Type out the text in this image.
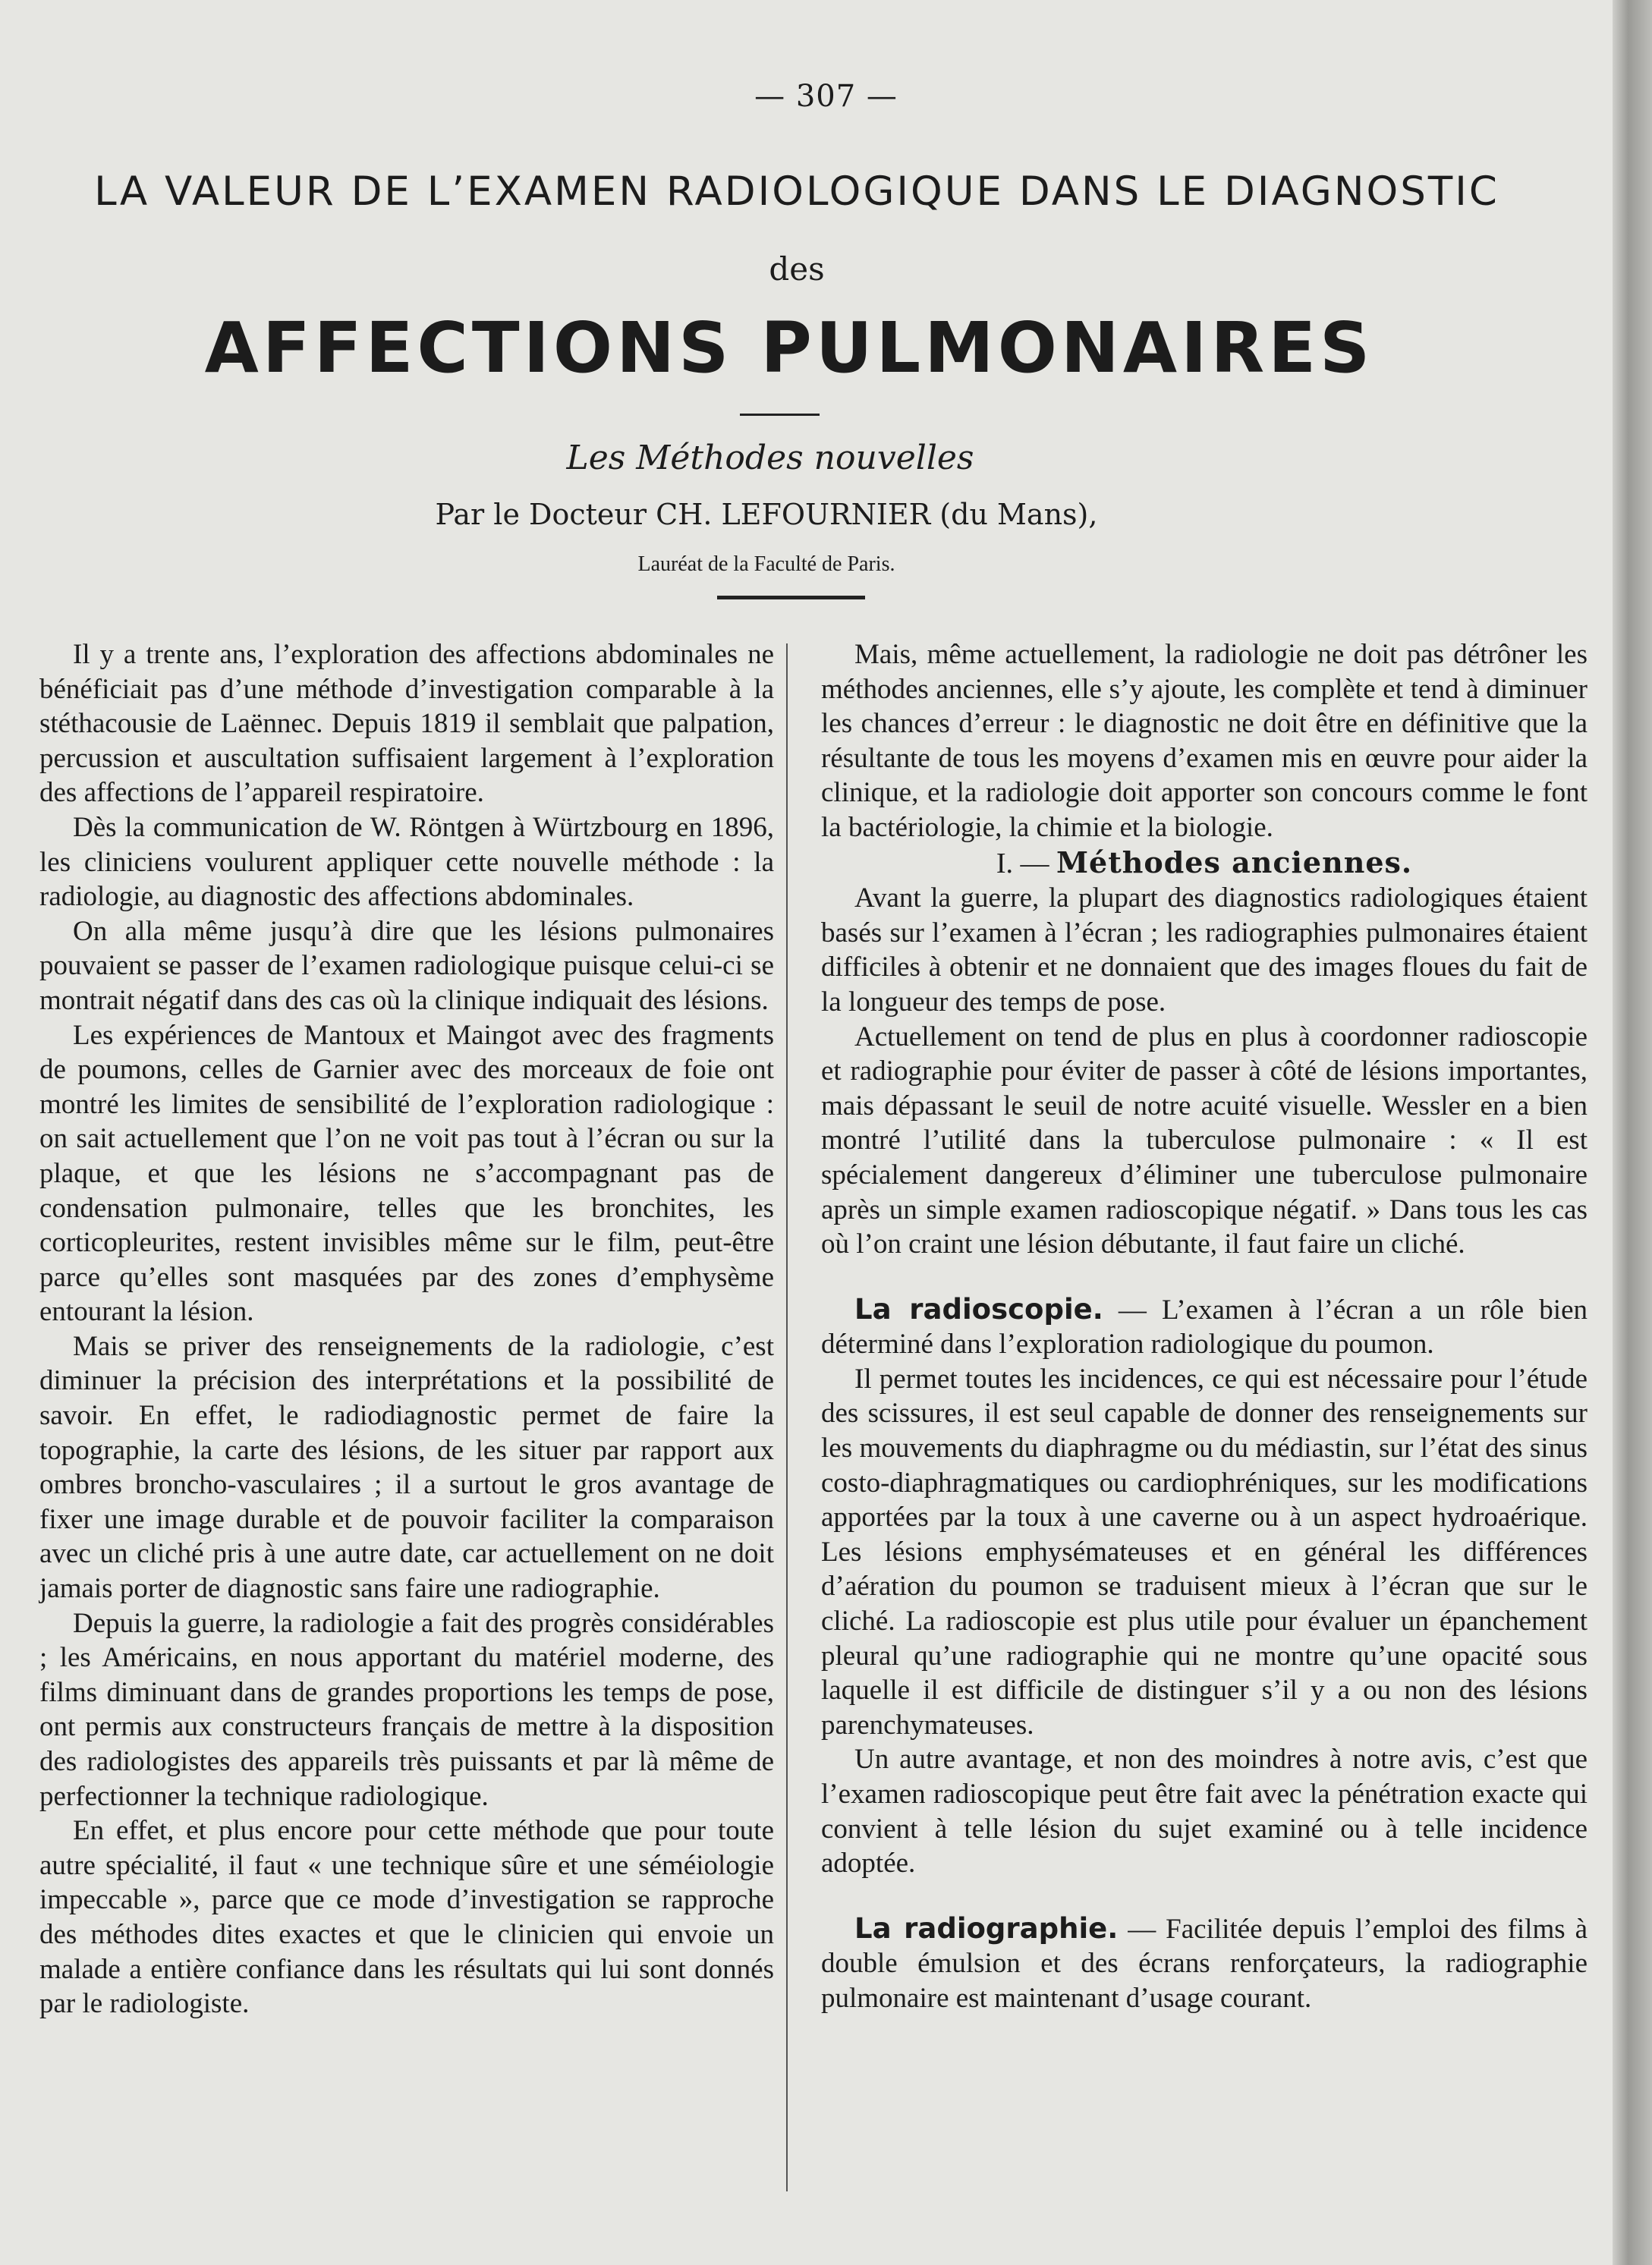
— 307 —
LA VALEUR DE L’EXAMEN RADIOLOGIQUE DANS LE DIAGNOSTIC
des
AFFECTIONS PULMONAIRES
Les Méthodes nouvelles
Par le Docteur CH. LEFOURNIER (du Mans),
Lauréat de la Faculté de Paris.

Il y a trente ans, l’exploration des affections abdominales ne bénéficiait pas d’une méthode d’investigation comparable à la stéthacousie de Laënnec. Depuis 1819 il semblait que palpation, percussion et auscultation suffisaient largement à l’exploration des affections de l’appareil respiratoire.

Dès la communication de W. Röntgen à Würtzbourg en 1896, les cliniciens voulurent appliquer cette nouvelle méthode : la radiologie, au diagnostic des affections abdominales.

On alla même jusqu’à dire que les lésions pulmonaires pouvaient se passer de l’examen radiologique puisque celui-ci se montrait négatif dans des cas où la clinique indiquait des lésions.

Les expériences de Mantoux et Maingot avec des fragments de poumons, celles de Garnier avec des morceaux de foie ont montré les limites de sensibilité de l’exploration radiologique : on sait actuellement que l’on ne voit pas tout à l’écran ou sur la plaque, et que les lésions ne s’accompagnant pas de condensation pulmonaire, telles que les bronchites, les corticopleurites, restent invisibles même sur le film, peut-être parce qu’elles sont masquées par des zones d’emphysème entourant la lésion.

Mais se priver des renseignements de la radiologie, c’est diminuer la précision des interprétations et la possibilité de savoir. En effet, le radiodiagnostic permet de faire la topographie, la carte des lésions, de les situer par rapport aux ombres broncho-vasculaires ; il a surtout le gros avantage de fixer une image durable et de pouvoir faciliter la comparaison avec un cliché pris à une autre date, car actuellement on ne doit jamais porter de diagnostic sans faire une radiographie.

Depuis la guerre, la radiologie a fait des progrès considérables ; les Américains, en nous apportant du matériel moderne, des films diminuant dans de grandes proportions les temps de pose, ont permis aux constructeurs français de mettre à la disposition des radiologistes des appareils très puissants et par là même de perfectionner la technique radiologique.

En effet, et plus encore pour cette méthode que pour toute autre spécialité, il faut « une technique sûre et une séméiologie impeccable », parce que ce mode d’investigation se rapproche des méthodes dites exactes et que le clinicien qui envoie un malade a entière confiance dans les résultats qui lui sont donnés par le radiologiste.

Mais, même actuellement, la radiologie ne doit pas détrôner les méthodes anciennes, elle s’y ajoute, les complète et tend à diminuer les chances d’erreur : le diagnostic ne doit être en définitive que la résultante de tous les moyens d’examen mis en œuvre pour aider la clinique, et la radiologie doit apporter son concours comme le font la bactériologie, la chimie et la biologie.

I. — Méthodes anciennes.

Avant la guerre, la plupart des diagnostics radiologiques étaient basés sur l’examen à l’écran ; les radiographies pulmonaires étaient difficiles à obtenir et ne donnaient que des images floues du fait de la longueur des temps de pose.

Actuellement on tend de plus en plus à coordonner radioscopie et radiographie pour éviter de passer à côté de lésions importantes, mais dépassant le seuil de notre acuité visuelle. Wessler en a bien montré l’utilité dans la tuberculose pulmonaire : « Il est spécialement dangereux d’éliminer une tuberculose pulmonaire après un simple examen radioscopique négatif. » Dans tous les cas où l’on craint une lésion débutante, il faut faire un cliché.

La radioscopie. — L’examen à l’écran a un rôle bien déterminé dans l’exploration radiologique du poumon.

Il permet toutes les incidences, ce qui est nécessaire pour l’étude des scissures, il est seul capable de donner des renseignements sur les mouvements du diaphragme ou du médiastin, sur l’état des sinus costo-diaphragmatiques ou cardiophréniques, sur les modifications apportées par la toux à une caverne ou à un aspect hydroaérique. Les lésions emphysémateuses et en général les différences d’aération du poumon se traduisent mieux à l’écran que sur le cliché. La radioscopie est plus utile pour évaluer un épanchement pleural qu’une radiographie qui ne montre qu’une opacité sous laquelle il est difficile de distinguer s’il y a ou non des lésions parenchymateuses.

Un autre avantage, et non des moindres à notre avis, c’est que l’examen radioscopique peut être fait avec la pénétration exacte qui convient à telle lésion du sujet examiné ou à telle incidence adoptée.

La radiographie. — Facilitée depuis l’emploi des films à double émulsion et des écrans renforçateurs, la radiographie pulmonaire est maintenant d’usage courant.
